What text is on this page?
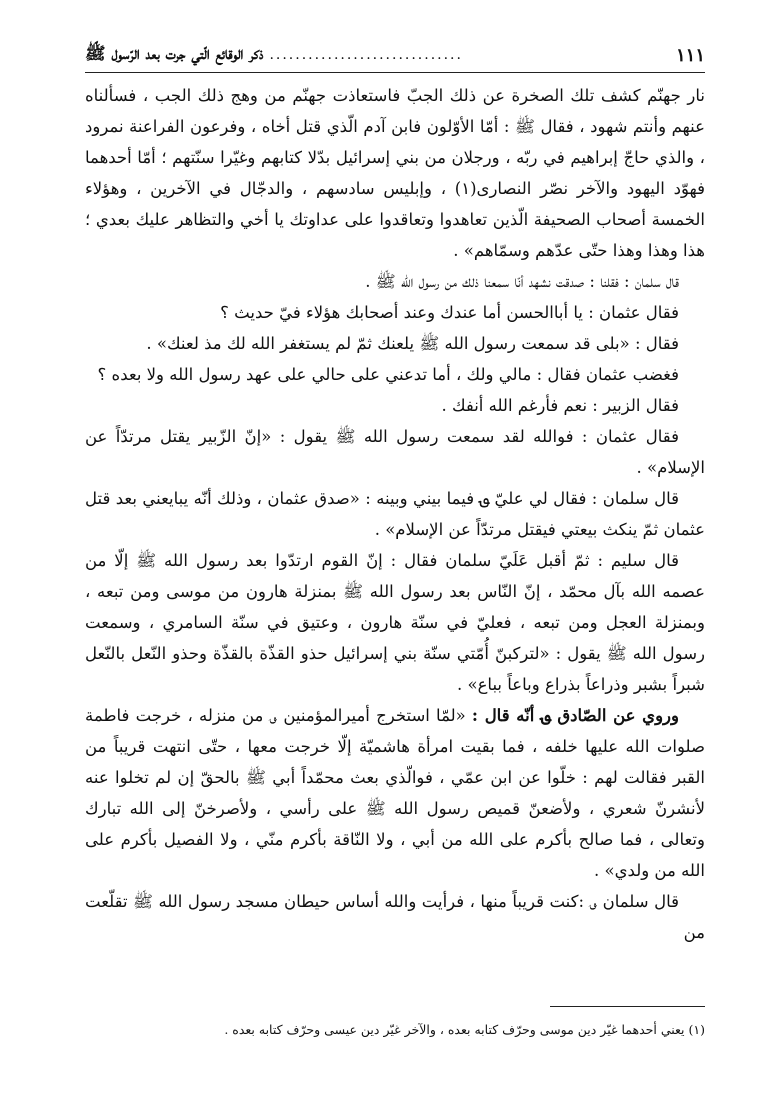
ذكر الوقائع الّتي جرت بعد الرّسول ﷺ ..............................	١١١

نار جهنّم كشف تلك الصخرة عن ذلك الجبّ فاستعاذت جهنّم من وهج ذلك الجب ، فسألناه عنهم وأنتم شهود ، فقال ﷺ : أمّا الأوّلون فابن آدم الّذي قتل أخاه ، وفرعون الفراعنة نمرود ، والذي حاجّ إبراهيم في ربّه ، ورجلان من بني إسرائيل بدّلا كتابهم وغيّرا سنّتهم ؛ أمّا أحدهما فهوّد اليهود والآخر نصّر النصارى(١) ، وإبليس سادسهم ، والدجّال في الآخرين ، وهؤلاء الخمسة أصحاب الصحيفة الّذين تعاهدوا وتعاقدوا على عداوتك يا أخي والتظاهر عليك بعدي ؛ هذا وهذا وهذا حتّى عدّهم وسمّاهم» .

قال سلمان : فقلنا : صدقت نشهد أنّا سمعنا ذلك من رسول الله ﷺ .

فقال عثمان : يا أباالحسن أما عندك وعند أصحابك هؤلاء فيّ حديث ؟

فقال : «بلى قد سمعت رسول الله ﷺ يلعنك ثمّ لم يستغفر الله لك مذ لعنك» .

فغضب عثمان فقال : مالي ولك ، أما تدعني على حالي على عهد رسول الله ولا بعده ؟

فقال الزبير : نعم فأرغم الله أنفك .

فقال عثمان : فوالله لقد سمعت رسول الله ﷺ يقول : «إنّ الزّبير يقتل مرتدّاً عن الإسلام» .

قال سلمان : فقال لي عليّ ؈ فيما بيني وبينه : «صدق عثمان ، وذلك أنّه يبايعني بعد قتل عثمان ثمّ ينكث بيعتي فيقتل مرتدّاً عن الإسلام» .

قال سليم : ثمّ أقبل عَلَيّ سلمان فقال : إنّ القوم ارتدّوا بعد رسول الله ﷺ إلّا من عصمه الله بآل محمّد ، إنّ النّاس بعد رسول الله ﷺ بمنزلة هارون من موسى ومن تبعه ، وبمنزلة العجل ومن تبعه ، فعليّ في سنّة هارون ، وعتيق في سنّة السامري ، وسمعت رسول الله ﷺ يقول : «لتركبنّ أُمّتي سنّة بني إسرائيل حذو القذّة بالقذّة وحذو النّعل بالنّعل شبراً بشبر وذراعاً بذراع وباعاً بباع» .

وروي عن الصّادق ؈ أنّه قال : «لمّا استخرج أميرالمؤمنين ؈ من منزله ، خرجت فاطمة صلوات الله عليها خلفه ، فما بقيت امرأة هاشميّة إلّا خرجت معها ، حتّى انتهت قريباً من القبر فقالت لهم : خلّوا عن ابن عمّي ، فوالّذي بعث محمّداً أبي ﷺ بالحقّ إن لم تخلوا عنه لأنشرنّ شعري ، ولأضعنّ قميص رسول الله ﷺ على رأسي ، ولأصرخنّ إلى الله تبارك وتعالى ، فما صالح بأكرم على الله من أبي ، ولا النّاقة بأكرم منّي ، ولا الفصيل بأكرم على الله من ولدي» .

قال سلمان ؈ :كنت قريباً منها ، فرأيت والله أساس حيطان مسجد رسول الله ﷺ تقلّعت من

(١) يعني أحدهما غيّر دين موسى وحرّف كتابه بعده ، والآخر غيّر دين عيسى وحرّف كتابه بعده .
